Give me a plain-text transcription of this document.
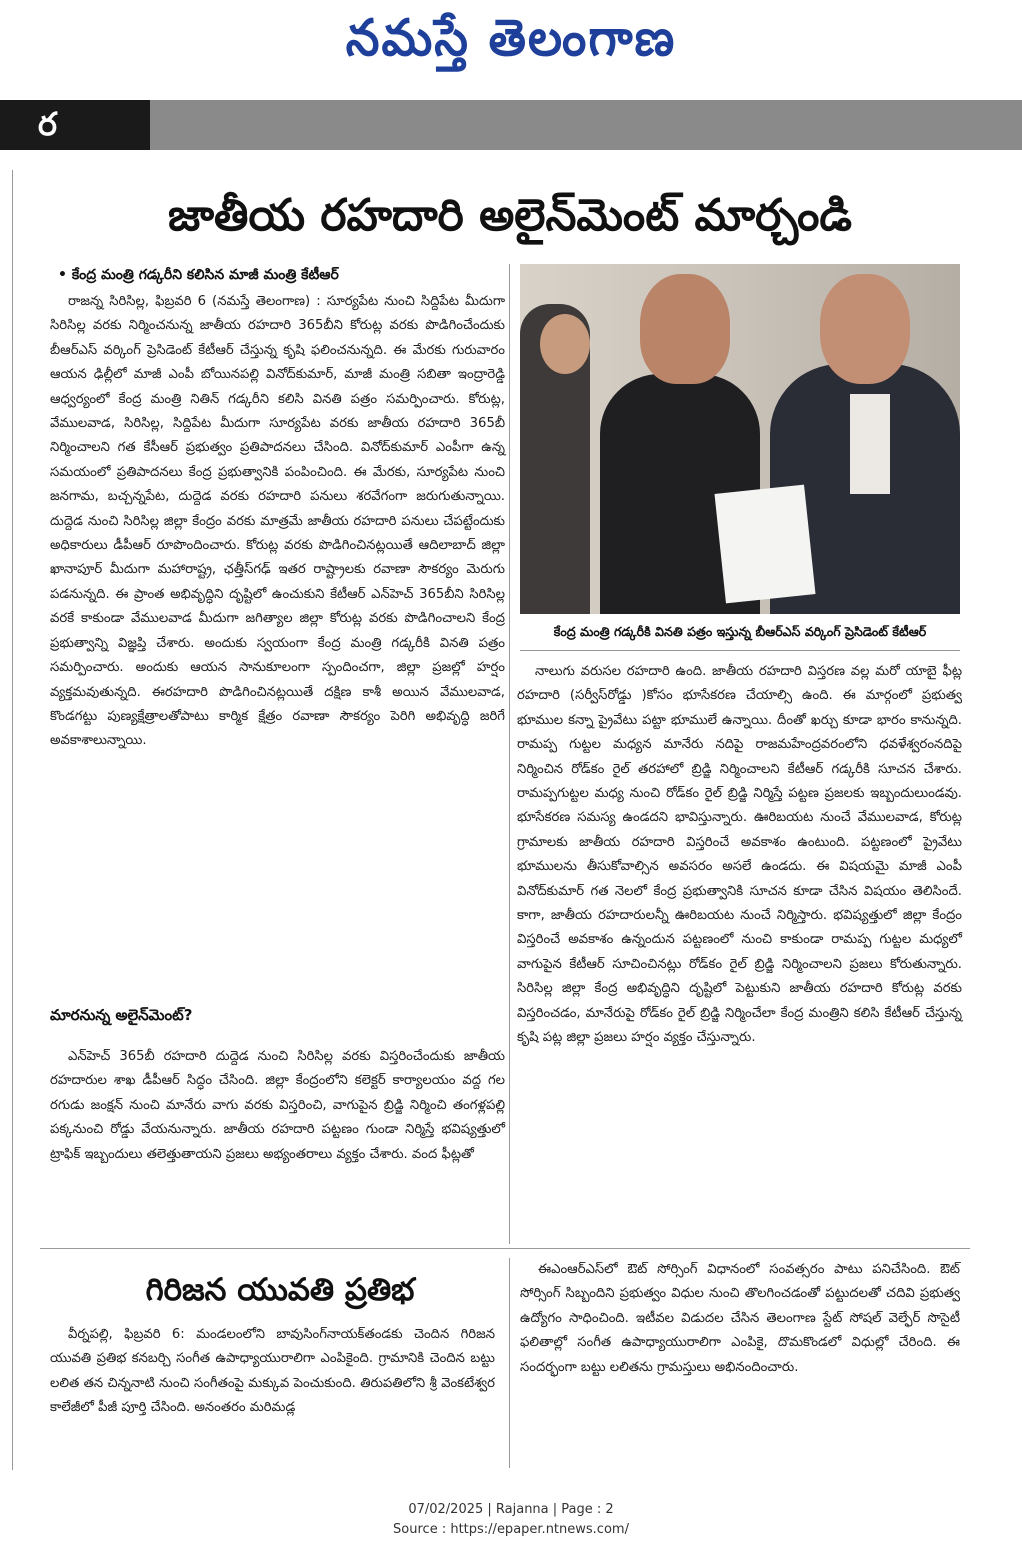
నమస్తే తెలంగాణ
ర
జాతీయ రహదారి అలైన్‌మెంట్ మార్చండి
• కేంద్ర మంత్రి గడ్కరీని కలిసిన మాజీ మంత్రి కేటీఆర్

రాజన్న సిరిసిల్ల, ఫిబ్రవరి 6 (నమస్తే తెలంగాణ) : సూర్యపేట నుంచి సిద్దిపేట మీదుగా సిరిసిల్ల వరకు నిర్మించనున్న జాతీయ రహదారి 365బీని కోరుట్ల వరకు పొడిగించేందుకు బీఆర్‌ఎస్ వర్కింగ్ ప్రెసిడెంట్ కేటీఆర్ చేస్తున్న కృషి ఫలించనున్నది. ఈ మేరకు గురువారం ఆయన ఢిల్లీలో మాజీ ఎంపీ బోయినపల్లి వినోద్‌కుమార్, మాజీ మంత్రి సబితా ఇంద్రారెడ్డి ఆధ్వర్యంలో కేంద్ర మంత్రి నితిన్ గడ్కరీని కలిసి వినతి పత్రం సమర్పించారు. కోరుట్ల, వేములవాడ, సిరిసిల్ల, సిద్దిపేట మీదుగా సూర్యపేట వరకు జాతీయ రహదారి 365బీ నిర్మించాలని గత కేసీఆర్ ప్రభుత్వం ప్రతిపాదనలు చేసింది. వినోద్‌కుమార్ ఎంపీగా ఉన్న సమయంలో ప్రతిపాదనలు కేంద్ర ప్రభుత్వానికి పంపించింది. ఈ మేరకు, సూర్యపేట నుంచి జనగామ, బచ్చన్నపేట, దుద్దెడ వరకు రహదారి పనులు శరవేగంగా జరుగుతున్నాయి. దుద్దెడ నుంచి సిరిసిల్ల జిల్లా కేంద్రం వరకు మాత్రమే జాతీయ రహదారి పనులు చేపట్టేందుకు అధికారులు డీపీఆర్ రూపొందించారు. కోరుట్ల వరకు పొడిగించినట్లయితే ఆదిలాబాద్ జిల్లా ఖానాపూర్ మీదుగా మహారాష్ట్ర, ఛత్తీస్‌గఢ్ ఇతర రాష్ట్రాలకు రవాణా సౌకర్యం మెరుగు పడనున్నది. ఈ ప్రాంత అభివృద్ధిని దృష్టిలో ఉంచుకుని కేటీఆర్ ఎన్‌హెచ్ 365బీని సిరిసిల్ల వరకే కాకుండా వేములవాడ మీదుగా జగిత్యాల జిల్లా కోరుట్ల వరకు పొడిగించాలని కేంద్ర ప్రభుత్వాన్ని విజ్ఞప్తి చేశారు. అందుకు స్వయంగా కేంద్ర మంత్రి గడ్కరీకి వినతి పత్రం సమర్పించారు. అందుకు ఆయన సానుకూలంగా స్పందించగా, జిల్లా ప్రజల్లో హర్షం వ్యక్తమవుతున్నది. ఈరహదారి పొడిగించినట్లయితే దక్షిణ కాశీ అయిన వేములవాడ, కొండగట్టు పుణ్యక్షేత్రాలతోపాటు కార్మిక క్షేత్రం రవాణా సౌకర్యం పెరిగి అభివృద్ధి జరిగే అవకాశాలున్నాయి.

మారనున్న అలైన్‌మెంట్?

ఎన్‌హెచ్ 365బీ రహదారి దుద్దెడ నుంచి సిరిసిల్ల వరకు విస్తరించేందుకు జాతీయ రహదారుల శాఖ డీపీఆర్ సిద్ధం చేసింది. జిల్లా కేంద్రంలోని కలెక్టర్ కార్యాలయం వద్ద గల రగుడు జంక్షన్ నుంచి మానేరు వాగు వరకు విస్తరించి, వాగుపైన బ్రిడ్జి నిర్మించి తంగళ్లపల్లి పక్కనుంచి రోడ్డు వేయనున్నారు. జాతీయ రహదారి పట్టణం గుండా నిర్మిస్తే భవిష్యత్తులో ట్రాఫిక్ ఇబ్బందులు తలెత్తుతాయని ప్రజలు అభ్యంతరాలు వ్యక్తం చేశారు. వంద ఫీట్లతో

కేంద్ర మంత్రి గడ్కరీకి వినతి పత్రం ఇస్తున్న బీఆర్‌ఎస్ వర్కింగ్ ప్రెసిడెంట్ కేటీఆర్

నాలుగు వరుసల రహదారి ఉంది. జాతీయ రహదారి విస్తరణ వల్ల మరో యాబై ఫీట్ల రహదారి (సర్వీస్‌రోడ్డు )కోసం భూసేకరణ చేయాల్సి ఉంది. ఈ మార్గంలో ప్రభుత్వ భూముల కన్నా ప్రైవేటు పట్టా భూములే ఉన్నాయి. దీంతో ఖర్చు కూడా భారం కానున్నది. రామప్ప గుట్టల మధ్యన మానేరు నదిపై రాజమహేంద్రవరంలోని ధవళేశ్వరంనదిపై నిర్మించిన రోడ్‌కం రైల్ తరహాలో బ్రిడ్జి నిర్మించాలని కేటీఆర్ గడ్కరీకి సూచన చేశారు. రామప్పగుట్టల మధ్య నుంచి రోడ్‌కం రైల్ బ్రిడ్జి నిర్మిస్తే పట్టణ ప్రజలకు ఇబ్బందులుండవు. భూసేకరణ సమస్య ఉండదని భావిస్తున్నారు. ఊరిబయట నుంచే వేములవాడ, కోరుట్ల గ్రామాలకు జాతీయ రహదారి విస్తరించే అవకాశం ఉంటుంది. పట్టణంలో ప్రైవేటు భూములను తీసుకోవాల్సిన అవసరం అసలే ఉండదు. ఈ విషయమై మాజీ ఎంపీ వినోద్‌కుమార్ గత నెలలో కేంద్ర ప్రభుత్వానికి సూచన కూడా చేసిన విషయం తెలిసిందే. కాగా, జాతీయ రహదారులన్నీ ఊరిబయట నుంచే నిర్మిస్తారు. భవిష్యత్తులో జిల్లా కేంద్రం విస్తరించే అవకాశం ఉన్నందున పట్టణంలో నుంచి కాకుండా రామప్ప గుట్టల మధ్యలో వాగుపైన కేటీఆర్ సూచించినట్లు రోడ్‌కం రైల్ బ్రిడ్జి నిర్మించాలని ప్రజలు కోరుతున్నారు. సిరిసిల్ల జిల్లా కేంద్ర అభివృద్ధిని దృష్టిలో పెట్టుకుని జాతీయ రహదారి కోరుట్ల వరకు విస్తరించడం, మానేరుపై రోడ్‌కం రైల్ బ్రిడ్జి నిర్మించేలా కేంద్ర మంత్రిని కలిసి కేటీఆర్ చేస్తున్న కృషి పట్ల జిల్లా ప్రజలు హర్షం వ్యక్తం చేస్తున్నారు.

గిరిజన యువతి ప్రతిభ

వీర్నపల్లి, ఫిబ్రవరి 6: మండలంలోని బావుసింగ్‌నాయక్‌తండకు చెందిన గిరిజన యువతి ప్రతిభ కనబర్చి సంగీత ఉపాధ్యాయురాలిగా ఎంపికైంది. గ్రామానికి చెందిన బట్టు లలిత తన చిన్ననాటి నుంచి సంగీతంపై మక్కువ పెంచుకుంది. తిరుపతిలోని శ్రీ వెంకటేశ్వర కాలేజీలో పీజీ పూర్తి చేసింది. అనంతరం మరిమడ్ల

ఈఎంఆర్‌ఎస్‌లో ఔట్ సోర్సింగ్ విధానంలో సంవత్సరం పాటు పనిచేసింది. ఔట్ సోర్సింగ్ సిబ్బందిని ప్రభుత్వం విధుల నుంచి తొలగించడంతో పట్టుదలతో చదివి ప్రభుత్వ ఉద్యోగం సాధించింది. ఇటీవల విడుదల చేసిన తెలంగాణ స్టేట్ సోషల్ వెల్ఫేర్ సొసైటీ ఫలితాల్లో సంగీత ఉపాధ్యాయురాలిగా ఎంపికై, దొమకొండలో విధుల్లో చేరింది. ఈ సందర్భంగా బట్టు లలితను గ్రామస్తులు అభినందించారు.

07/02/2025 | Rajanna | Page : 2
Source : https://epaper.ntnews.com/
